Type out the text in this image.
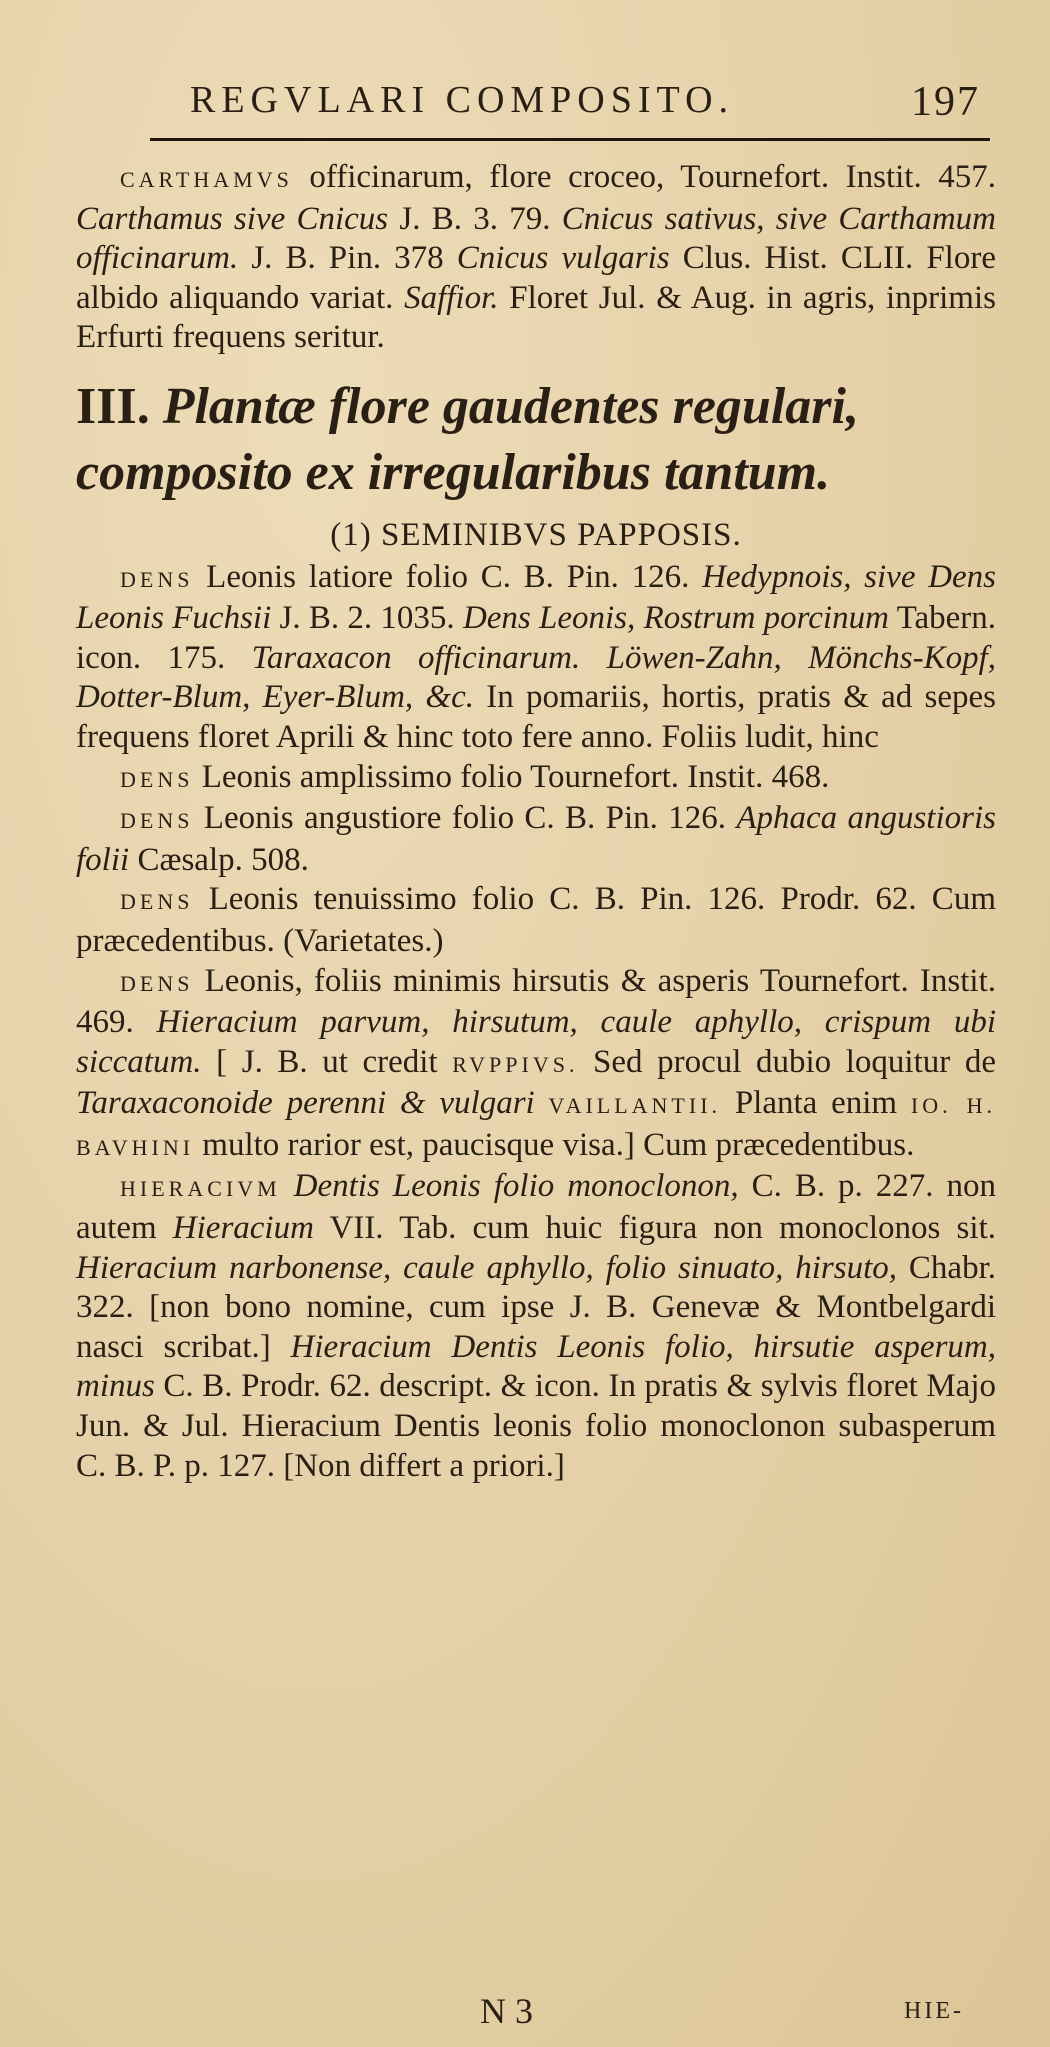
REGVLARI COMPOSITO.	197

CARTHAMVS officinarum, flore croceo, Tournefort. Instit. 457. Carthamus sive Cnicus J. B. 3. 79. Cnicus sativus, sive Carthamum officinarum. J. B. Pin. 378 Cnicus vulgaris Clus. Hist. CLII. Flore albido aliquando variat. Saffior. Floret Jul. & Aug. in agris, inprimis Erfurti frequens seritur.

III. Plantæ flore gaudentes regulari, composito ex irregularibus tantum.
(1) SEMINIBVS PAPPOSIS.

DENS Leonis latiore folio C. B. Pin. 126. Hedypnois, sive Dens Leonis Fuchsii J. B. 2. 1035. Dens Leonis, Rostrum porcinum Tabern. icon. 175. Taraxacon officinarum. Löwen-Zahn, Mönchs-Kopf, Dotter-Blum, Eyer-Blum, &c. In pomariis, hortis, pratis & ad sepes frequens floret Aprili & hinc toto fere anno. Foliis ludit, hinc

DENS Leonis amplissimo folio Tournefort. Instit. 468.

DENS Leonis angustiore folio C. B. Pin. 126. Aphaca angustioris folii Cæsalp. 508.

DENS Leonis tenuissimo folio C. B. Pin. 126. Prodr. 62. Cum præcedentibus. (Varietates.)

DENS Leonis, foliis minimis hirsutis & asperis Tournefort. Instit. 469. Hieracium parvum, hirsutum, caule aphyllo, crispum ubi siccatum. [ J. B. ut credit RVPPIVS. Sed procul dubio loquitur de Taraxaconoide perenni & vulgari VAILLANTII. Planta enim IO. H. BAVHINI multo rarior est, paucisque visa.] Cum præcedentibus.

HIERACIVM Dentis Leonis folio monoclonon, C. B. p. 227. non autem Hieracium VII. Tab. cum huic figura non monoclonos sit. Hieracium narbonense, caule aphyllo, folio sinuato, hirsuto, Chabr. 322. [non bono nomine, cum ipse J. B. Genevæ & Montbelgardi nasci scribat.] Hieracium Dentis Leonis folio, hirsutie asperum, minus C. B. Prodr. 62. descript. & icon. In pratis & sylvis floret Majo Jun. & Jul. Hieracium Dentis leonis folio monoclonon subasperum C. B. P. p. 127. [Non differt a priori.]

N 3	HIE-
